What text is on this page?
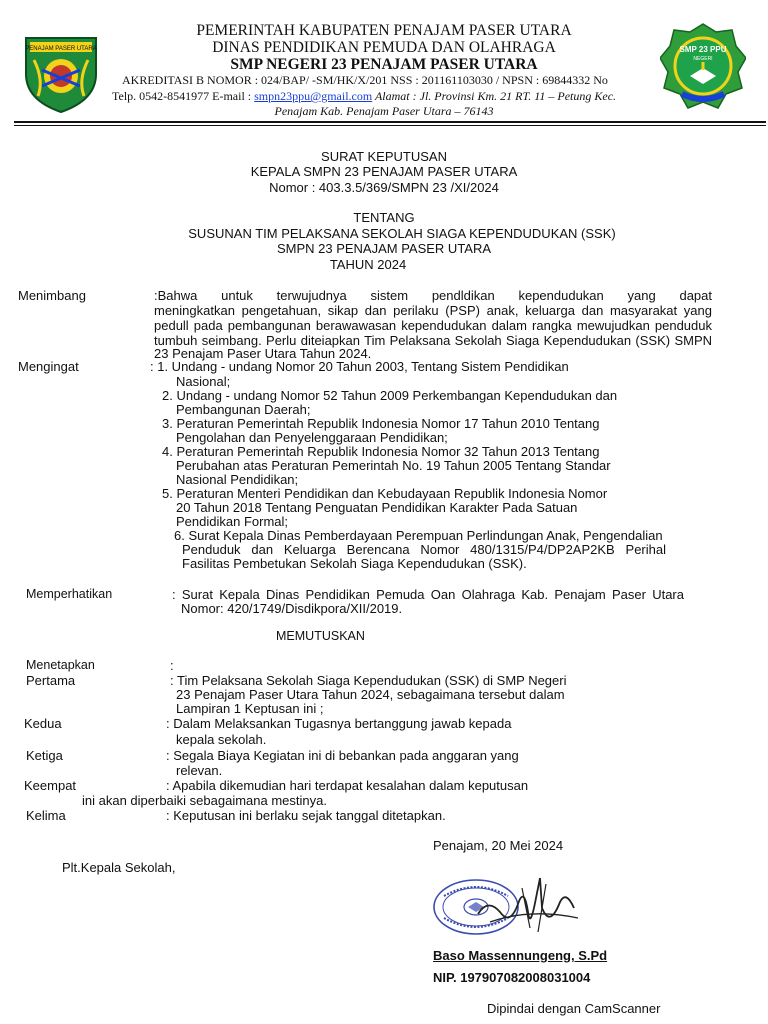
PENAJAM PASER UTARA
PEMERINTAH KABUPATEN PENAJAM PASER UTARA
DINAS PENDIDIKAN PEMUDA DAN OLAHRAGA
SMP NEGERI 23 PENAJAM PASER UTARA
AKREDITASI B NOMOR : 024/BAP/ -SM/HK/X/201 NSS : 201161103030 / NPSN : 69844332 No
Telp. 0542-8541977 E-mail : smpn23ppu@gmail.com Alamat : Jl. Provinsi Km. 21 RT. 11 – Petung Kec.
Penajam Kab. Penajam Paser Utara – 76143
SMP 23 PPU
NEGERI
SURAT KEPUTUSAN
KEPALA SMPN 23 PENAJAM PASER UTARA
Nomor : 403.3.5/369/SMPN 23 /XI/2024
TENTANG
SUSUNAN TIM PELAKSANA SEKOLAH SIAGA KEPENDUDUKAN (SSK)
SMPN 23 PENAJAM PASER UTARA
TAHUN 2024
Menimbang	:Bahwa untuk terwujudnya sistem pendldikan kependudukan yang dapat
meningkatkan pengetahuan, sikap dan perilaku (PSP) anak, keluarga dan masyarakat yang
pedull pada pembangunan berawawasan kependudukan dalam rangka mewujudkan penduduk
tumbuh seimbang. Perlu diteiapkan Tim Pelaksana Sekolah Siaga Kependudukan (SSK) SMPN
23 Penajam Paser Utara Tahun 2024.
Mengingat	: 1. Undang - undang Nomor 20 Tahun 2003, Tentang Sistem Pendidikan
Nasional;
2. Undang - undang Nomor 52 Tahun 2009 Perkembangan Kependudukan dan
Pembangunan Daerah;
3. Peraturan Pemerintah Republik Indonesia Nomor 17 Tahun 2010 Tentang
Pengolahan dan Penyelenggaraan Pendidikan;
4. Peraturan Pemerintah Republik Indonesia Nomor 32 Tahun 2013 Tentang
Perubahan atas Peraturan Pemerintah No. 19 Tahun 2005 Tentang Standar
Nasional Pendidikan;
5. Peraturan Menteri Pendidikan dan Kebudayaan Republik Indonesia Nomor
20 Tahun 2018 Tentang Penguatan Pendidikan Karakter Pada Satuan
Pendidikan Formal;
6. Surat Kepala Dinas Pemberdayaan Perempuan Perlindungan Anak, Pengendalian
Penduduk dan Keluarga Berencana Nomor 480/1315/P4/DP2AP2KB Perihal
Fasilitas Pembetukan Sekolah Siaga Kependudukan (SSK).
Memperhatikan	: Surat Kepala Dinas Pendidikan Pemuda Oan Olahraga Kab. Penajam Paser Utara
Nomor: 420/1749/Disdikpora/XII/2019.
MEMUTUSKAN
Menetapkan	:
Pertama	: Tim Pelaksana Sekolah Siaga Kependudukan (SSK) di SMP Negeri
23 Penajam Paser Utara Tahun 2024, sebagaimana tersebut dalam
Lampiran 1 Keptusan ini ;
Kedua	: Dalam Melaksankan Tugasnya bertanggung jawab kepada
kepala sekolah.
Ketiga	: Segala Biaya Kegiatan ini di bebankan pada anggaran yang
relevan.
Keempat	: Apabila dikemudian hari terdapat kesalahan dalam keputusan
ini akan diperbaiki sebagaimana mestinya.
Kelima	: Keputusan ini berlaku sejak tanggal ditetapkan.
Penajam, 20 Mei 2024
Plt.Kepala Sekolah,
Baso Massennungeng, S.Pd
NIP. 197907082008031004
Dipindai dengan CamScanner
